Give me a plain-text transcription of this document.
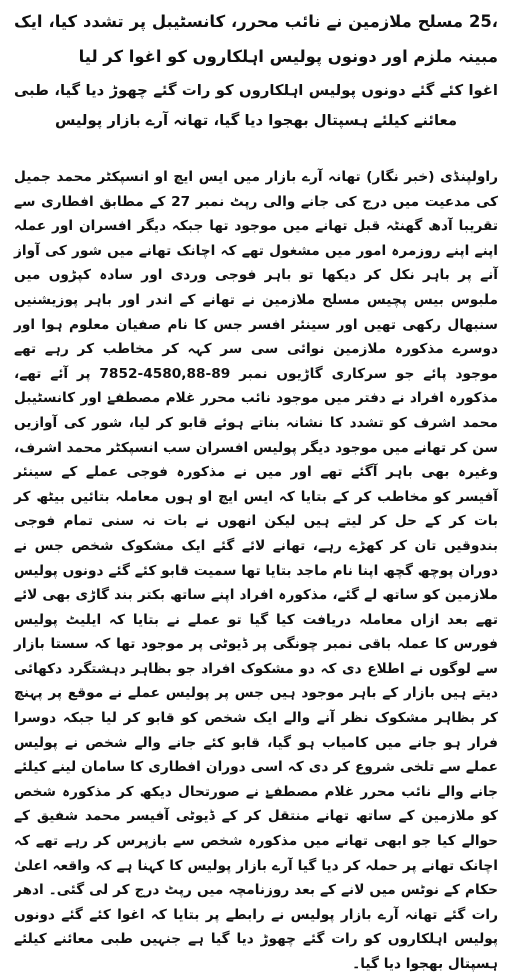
،25 مسلح ملازمین نے نائب محرر، کانسٹیبل پر تشدد کیا، ایک مبینہ ملزم اور دونوں پولیس اہلکاروں کو اغوا کر لیا
اغوا کئے گئے دونوں پولیس اہلکاروں کو رات گئے چھوڑ دیا گیا، طبی معائنے کیلئے ہسپتال بھجوا دیا گیا، تھانہ آرے بازار پولیس

راولپنڈی (خبر نگار) تھانہ آرے بازار میں ایس ایچ او انسپکٹر محمد جمیل کی مدعیت میں درج کی جانے والی رپٹ نمبر 27 کے مطابق افطاری سے تقریبا آدھ گھنٹہ قبل تھانے میں موجود تھا جبکہ دیگر افسران اور عملہ اپنے اپنے روزمرہ امور میں مشغول تھے کہ اچانک تھانے میں شور کی آواز آنے پر باہر نکل کر دیکھا تو باہر فوجی وردی اور سادہ کپڑوں میں ملبوس بیس پچیس مسلح ملازمین نے تھانے کے اندر اور باہر پوزیشنیں سنبھال رکھی تھیں اور سینئر افسر جس کا نام صفیان معلوم ہوا اور دوسرے مذکورہ ملازمین نوائی سی سر کہہ کر مخاطب کر رہے تھے موجود پائے جو سرکاری گاڑیوں نمبر 89-4580,88-7852 پر آئے تھے، مذکورہ افراد نے دفتر میں موجود نائب محرر غلام مصطفےٰ اور کانسٹیبل محمد اشرف کو تشدد کا نشانہ بناتے ہوئے قابو کر لیا، شور کی آوازیں سن کر تھانے میں موجود دیگر پولیس افسران سب انسپکٹر محمد اشرف، وغیرہ بھی باہر آگئے تھے اور میں نے مذکورہ فوجی عملے کے سینئر آفیسر کو مخاطب کر کے بتایا کہ ایس ایچ او ہوں معاملہ بتائیں بیٹھ کر بات کر کے حل کر لیتے ہیں لیکن انھوں نے بات نہ سنی تمام فوجی بندوقیں تان کر کھڑے رہے، تھانے لائے گئے ایک مشکوک شخص جس نے دوران پوچھ گچھ اپنا نام ماجد بتایا تھا سمیت قابو کئے گئے دونوں پولیس ملازمین کو ساتھ لے گئے، مذکورہ افراد اپنے ساتھ بکتر بند گاڑی بھی لائے تھے بعد ازاں معاملہ دریافت کیا گیا تو عملے نے بتایا کہ ایلیٹ پولیس فورس کا عملہ باقی نمبر چونگی پر ڈیوٹی پر موجود تھا کہ سستا بازار سے لوگوں نے اطلاع دی کہ دو مشکوک افراد جو بظاہر دہشتگرد دکھائی دیتے ہیں بازار کے باہر موجود ہیں جس پر پولیس عملے نے موقع پر پہنچ کر بظاہر مشکوک نظر آنے والے ایک شخص کو قابو کر لیا جبکہ دوسرا فرار ہو جانے میں کامیاب ہو گیا، قابو کئے جانے والے شخص نے پولیس عملے سے تلخی شروع کر دی کہ اسی دوران افطاری کا سامان لینے کیلئے جانے والے نائب محرر غلام مصطفےٰ نے صورتحال دیکھ کر مذکورہ شخص کو ملازمین کے ساتھ تھانے منتقل کر کے ڈیوٹی آفیسر محمد شفیق کے حوالے کیا جو ابھی تھانے میں مذکورہ شخص سے بازپرس کر رہے تھے کہ اچانک تھانے پر حملہ کر دیا گیا آرے بازار پولیس کا کہنا ہے کہ واقعہ اعلیٰ حکام کے نوٹس میں لانے کے بعد روزنامچہ میں رپٹ درج کر لی گئی۔ ادھر رات گئے تھانہ آرے بازار پولیس نے رابطے پر بتایا کہ اغوا کئے گئے دونوں پولیس اہلکاروں کو رات گئے چھوڑ دیا گیا ہے جنہیں طبی معائنے کیلئے ہسپتال بھجوا دیا گیا۔
